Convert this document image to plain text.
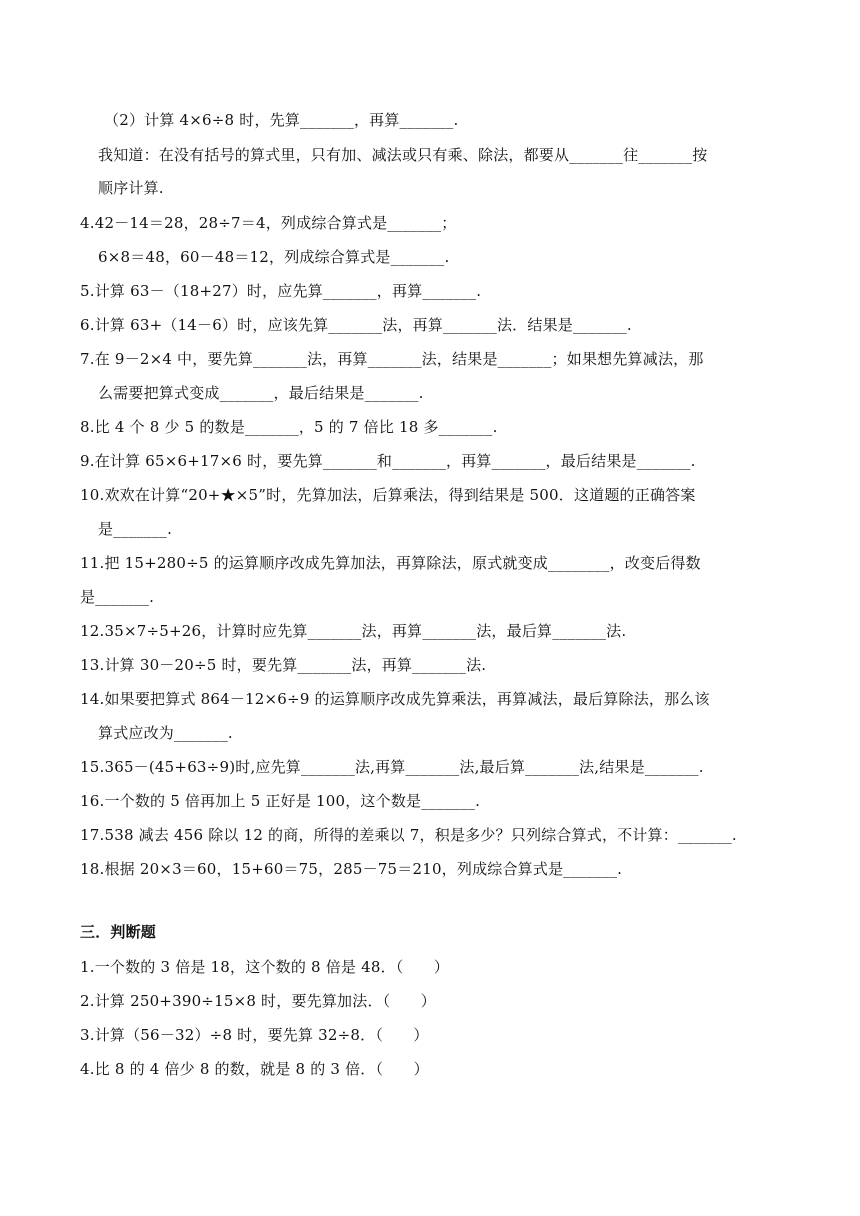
（2）计算 4×6÷8 时，先算_______，再算_______.
我知道：在没有括号的算式里，只有加、减法或只有乘、除法，都要从_______往_______按
顺序计算.
4.42－14＝28，28÷7＝4，列成综合算式是_______；
6×8＝48，60－48＝12，列成综合算式是_______.
5.计算 63－（18+27）时，应先算_______，再算_______.
6.计算 63+（14－6）时，应该先算_______法，再算_______法．结果是_______.
7.在 9－2×4 中，要先算_______法，再算_______法，结果是_______；如果想先算减法，那
么需要把算式变成_______，最后结果是_______.
8.比 4 个 8 少 5 的数是_______，5 的 7 倍比 18 多_______.
9.在计算 65×6+17×6 时，要先算_______和_______，再算_______，最后结果是_______.
10.欢欢在计算“20+★×5”时，先算加法，后算乘法，得到结果是 500．这道题的正确答案
是_______.
11.把 15+280÷5 的运算顺序改成先算加法，再算除法，原式就变成________，改变后得数
是_______.
12.35×7÷5+26，计算时应先算_______法，再算_______法，最后算_______法.
13.计算 30－20÷5 时，要先算_______法，再算_______法.
14.如果要把算式 864－12×6÷9 的运算顺序改成先算乘法，再算减法，最后算除法，那么该
算式应改为_______.
15.365－(45+63÷9)时,应先算_______法,再算_______法,最后算_______法,结果是_______.
16.一个数的 5 倍再加上 5 正好是 100，这个数是_______.
17.538 减去 456 除以 12 的商，所得的差乘以 7，积是多少？只列综合算式，不计算：_______.
18.根据 20×3＝60，15+60＝75，285－75＝210，列成综合算式是_______.
三．判断题
1.一个数的 3 倍是 18，这个数的 8 倍是 48．（　　）
2.计算 250+390÷15×8 时，要先算加法．（　　）
3.计算（56－32）÷8 时，要先算 32÷8．（　　）
4.比 8 的 4 倍少 8 的数，就是 8 的 3 倍．（　　）
